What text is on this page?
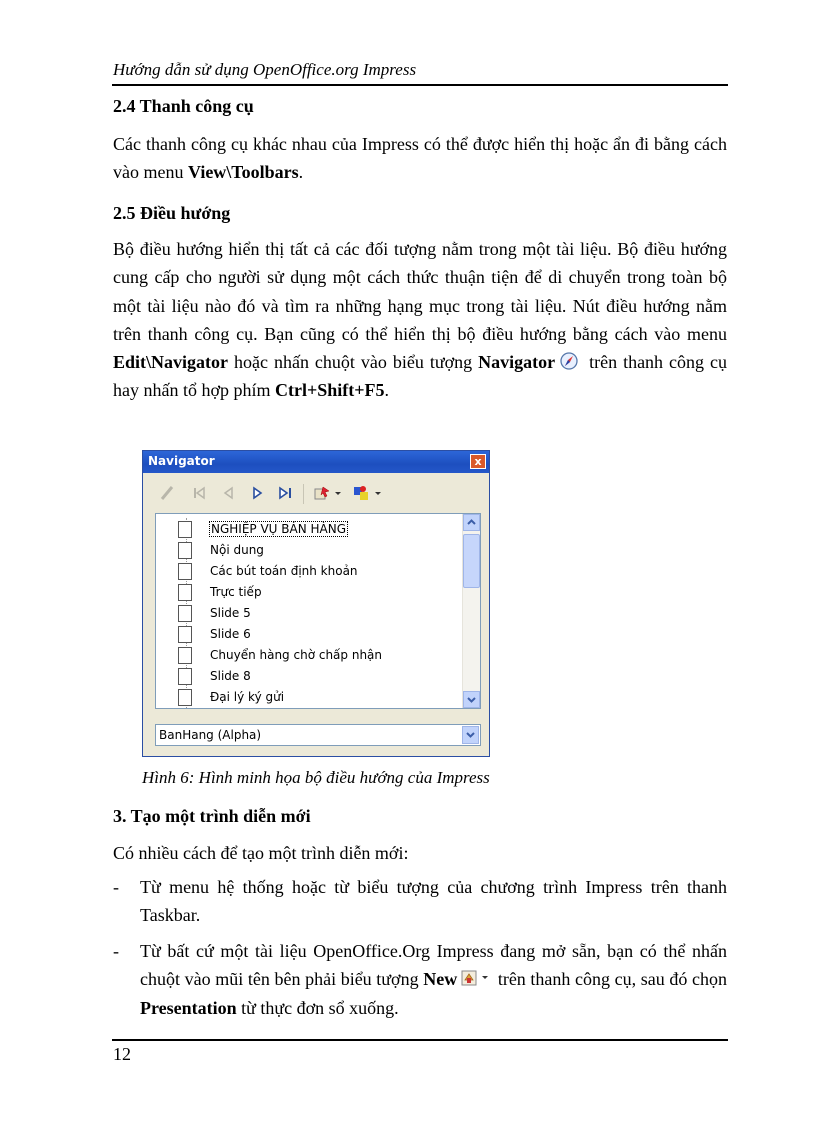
Hướng dẫn sử dụng OpenOffice.org Impress
2.4 Thanh công cụ
Các thanh công cụ khác nhau của Impress có thể được hiển thị hoặc ẩn đi bằng cách vào menu View\Toolbars.
2.5 Điều hướng
Bộ điều hướng hiển thị tất cả các đối tượng nằm trong một tài liệu. Bộ điều hướng cung cấp cho người sử dụng một cách thức thuận tiện để di chuyển trong toàn bộ một tài liệu nào đó và tìm ra những hạng mục trong tài liệu. Nút điều hướng nằm trên thanh công cụ. Bạn cũng có thể hiển thị bộ điều hướng bằng cách vào menu Edit\Navigator hoặc nhấn chuột vào biểu tượng Navigator trên thanh công cụ hay nhấn tổ hợp phím Ctrl+Shift+F5.
Navigator	x
NGHIỆP VỤ BÁN HÀNG
Nội dung
Các bút toán định khoản
Trực tiếp
Slide 5
Slide 6
Chuyển hàng chờ chấp nhận
Slide 8
Đại lý ký gửi
BanHang (Alpha)
Hình 6: Hình minh họa bộ điều hướng của Impress
3. Tạo một trình diễn mới
Có nhiều cách để tạo một trình diễn mới:
- Từ menu hệ thống hoặc từ biểu tượng của chương trình Impress trên thanh Taskbar.
- Từ bất cứ một tài liệu OpenOffice.Org Impress đang mở sẵn, bạn có thể nhấn chuột vào mũi tên bên phải biểu tượng New trên thanh công cụ, sau đó chọn Presentation từ thực đơn sổ xuống.
12
